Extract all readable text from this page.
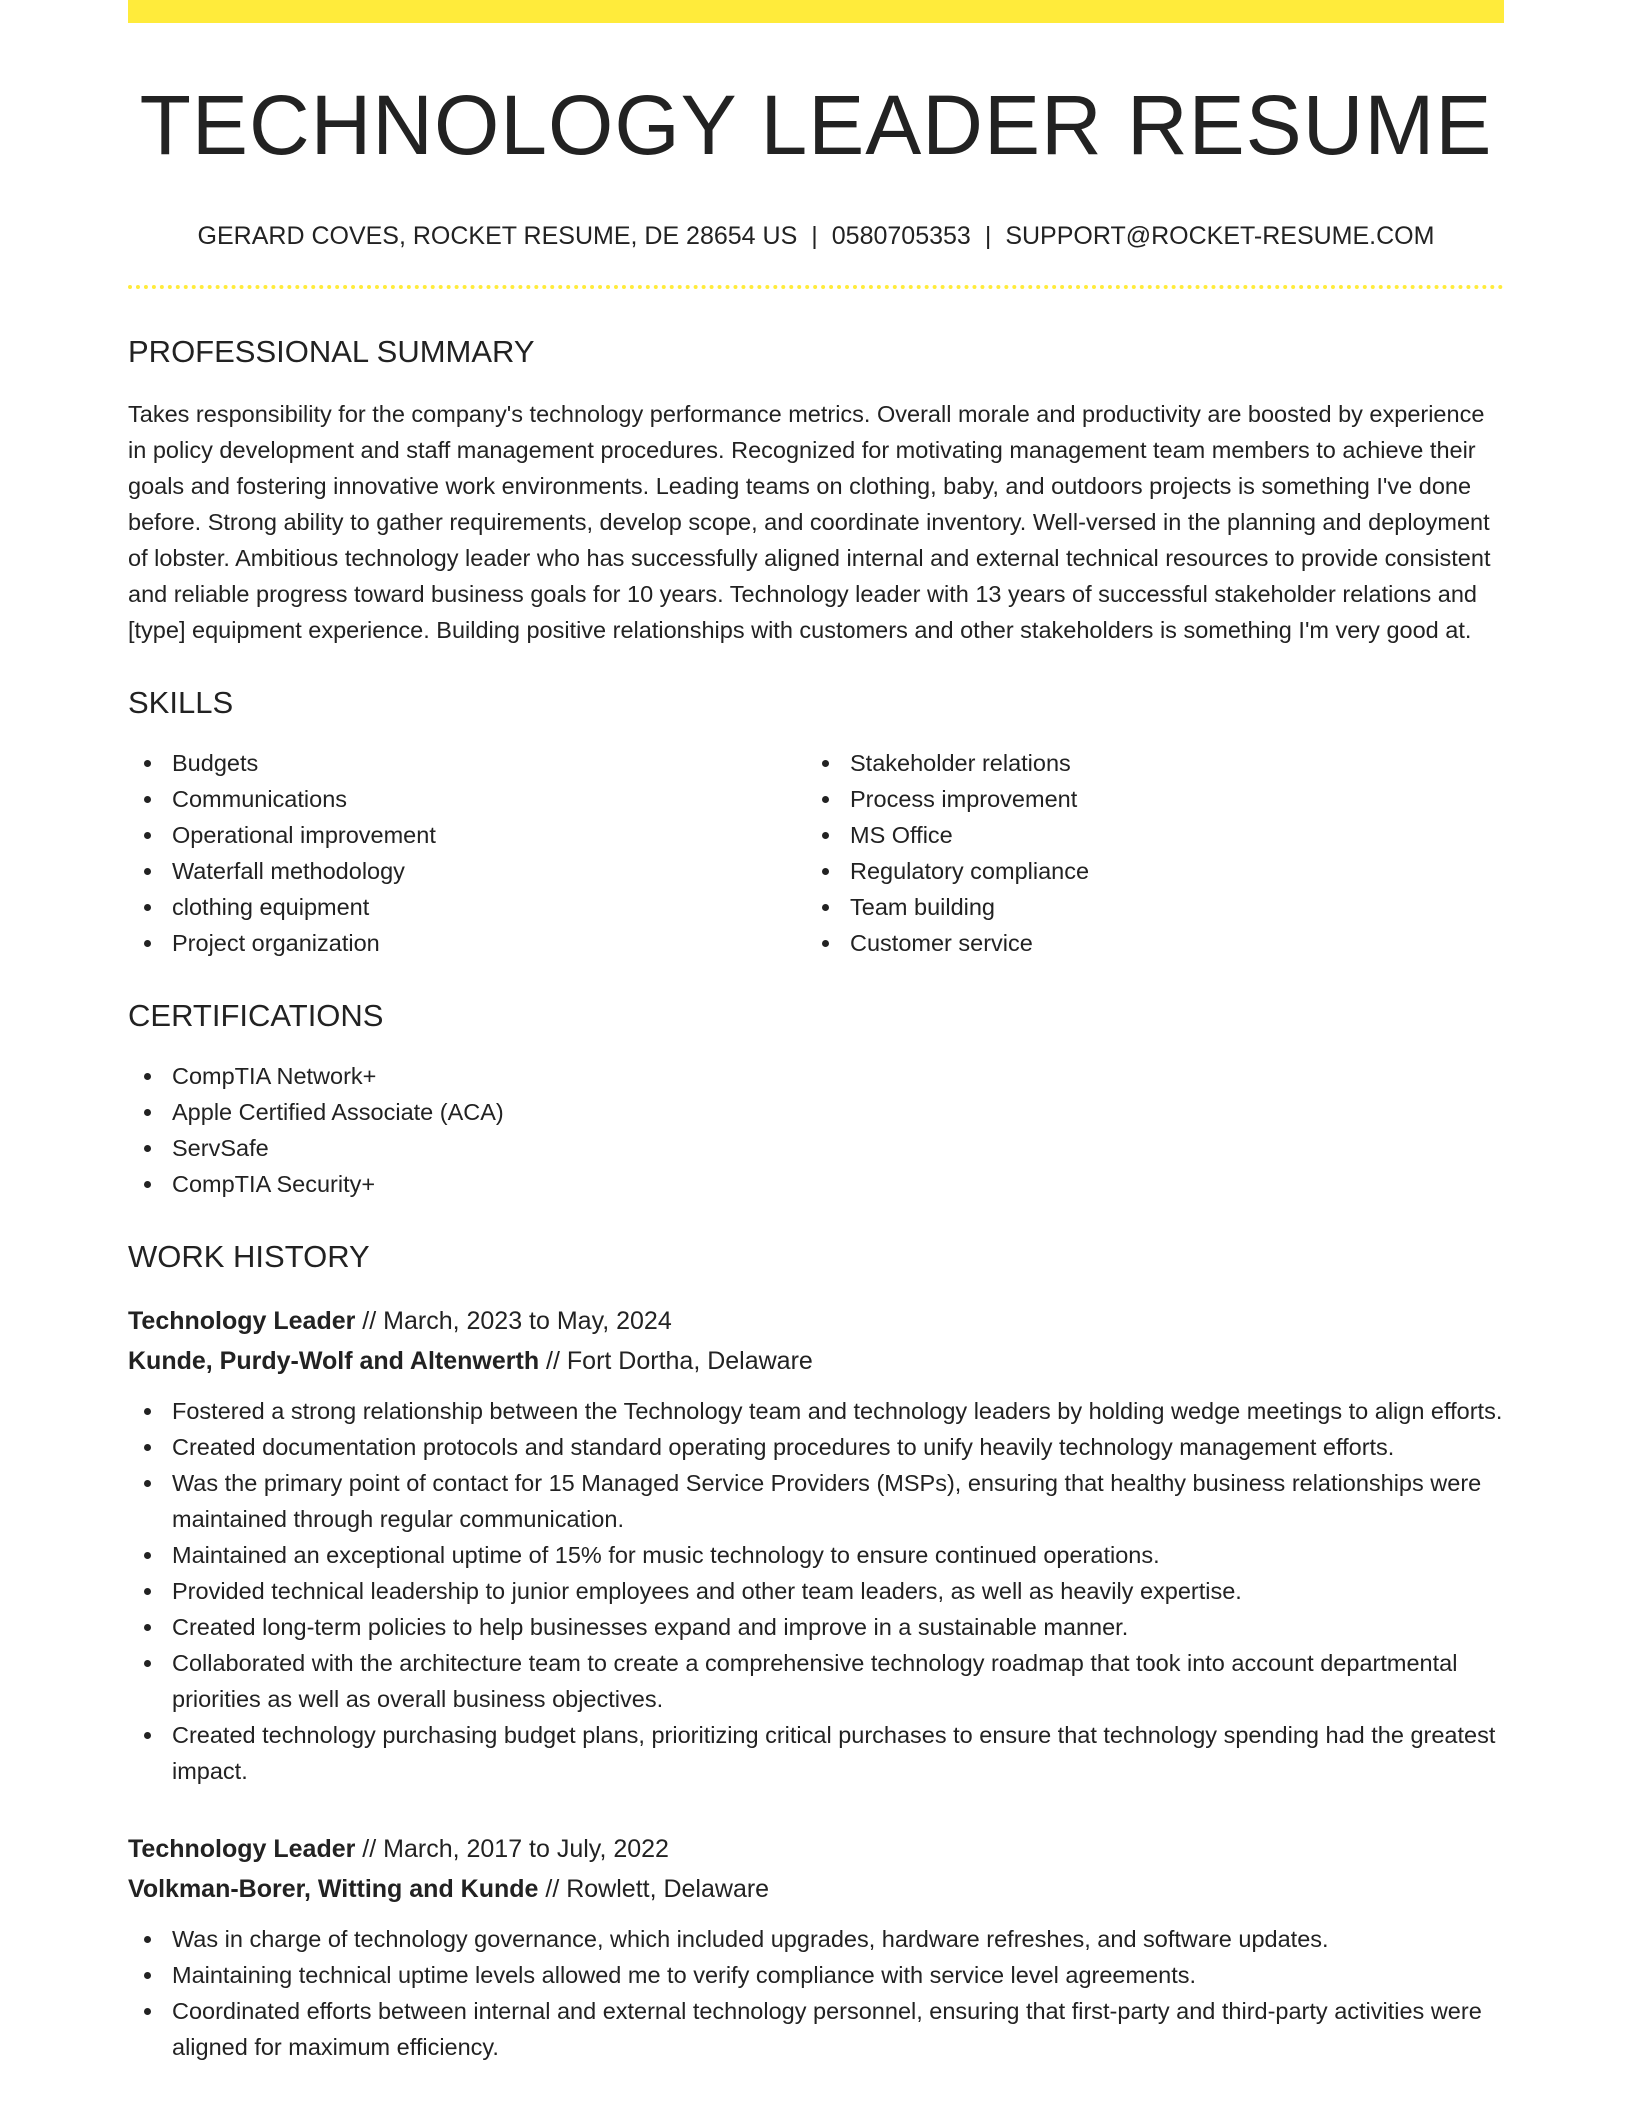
TECHNOLOGY LEADER RESUME
GERARD COVES, ROCKET RESUME, DE 28654 US | 0580705353 | SUPPORT@ROCKET-RESUME.COM
PROFESSIONAL SUMMARY

Takes responsibility for the company's technology performance metrics. Overall morale and productivity are boosted by experience in policy development and staff management procedures. Recognized for motivating management team members to achieve their goals and fostering innovative work environments. Leading teams on clothing, baby, and outdoors projects is something I've done before. Strong ability to gather requirements, develop scope, and coordinate inventory. Well-versed in the planning and deployment of lobster. Ambitious technology leader who has successfully aligned internal and external technical resources to provide consistent and reliable progress toward business goals for 10 years. Technology leader with 13 years of successful stakeholder relations and [type] equipment experience. Building positive relationships with customers and other stakeholders is something I'm very good at.

SKILLS
Budgets
Communications
Operational improvement
Waterfall methodology
clothing equipment
Project organization
Stakeholder relations
Process improvement
MS Office
Regulatory compliance
Team building
Customer service
CERTIFICATIONS
CompTIA Network+
Apple Certified Associate (ACA)
ServSafe
CompTIA Security+
WORK HISTORY
Technology Leader // March, 2023 to May, 2024
Kunde, Purdy-Wolf and Altenwerth // Fort Dortha, Delaware
Fostered a strong relationship between the Technology team and technology leaders by holding wedge meetings to align efforts.
Created documentation protocols and standard operating procedures to unify heavily technology management efforts.
Was the primary point of contact for 15 Managed Service Providers (MSPs), ensuring that healthy business relationships were maintained through regular communication.
Maintained an exceptional uptime of 15% for music technology to ensure continued operations.
Provided technical leadership to junior employees and other team leaders, as well as heavily expertise.
Created long-term policies to help businesses expand and improve in a sustainable manner.
Collaborated with the architecture team to create a comprehensive technology roadmap that took into account departmental priorities as well as overall business objectives.
Created technology purchasing budget plans, prioritizing critical purchases to ensure that technology spending had the greatest impact.
Technology Leader // March, 2017 to July, 2022
Volkman-Borer, Witting and Kunde // Rowlett, Delaware
Was in charge of technology governance, which included upgrades, hardware refreshes, and software updates.
Maintaining technical uptime levels allowed me to verify compliance with service level agreements.
Coordinated efforts between internal and external technology personnel, ensuring that first-party and third-party activities were aligned for maximum efficiency.
